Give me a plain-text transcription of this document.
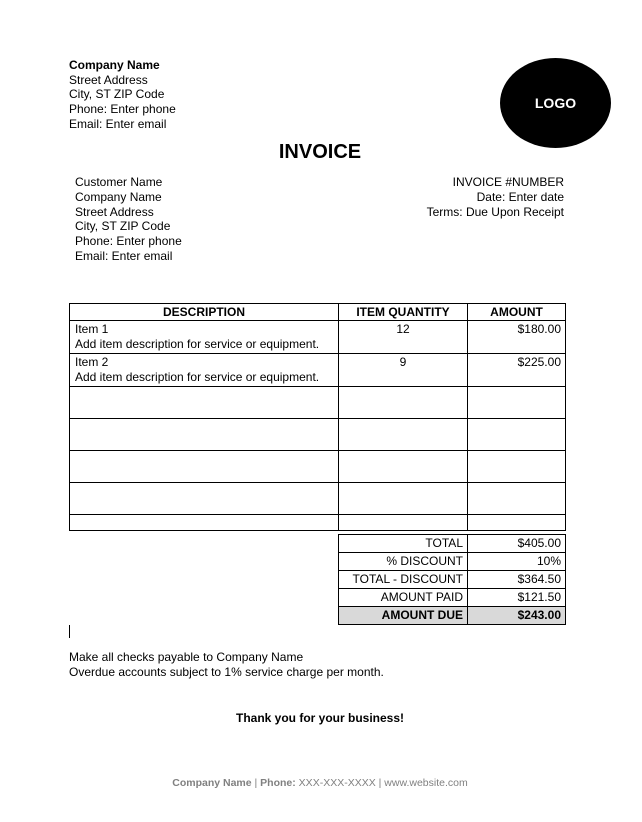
Company Name
Street Address
City, ST ZIP Code
Phone: Enter phone
Email: Enter email
LOGO
INVOICE
Customer Name
Company Name
Street Address
City, ST ZIP Code
Phone: Enter phone
Email: Enter email
INVOICE #NUMBER
Date: Enter date
Terms: Due Upon Receipt
DESCRIPTION	ITEM QUANTITY	AMOUNT

Item 1
Add item description for service or equipment.	12	$180.00

Item 2
Add item description for service or equipment.	9	$225.00

TOTAL	$405.00
% DISCOUNT	10%
TOTAL - DISCOUNT	$364.50
AMOUNT PAID	$121.50
AMOUNT DUE	$243.00
Make all checks payable to Company Name
Overdue accounts subject to 1% service charge per month.
Thank you for your business!
Company Name | Phone: XXX-XXX-XXXX | www.website.com
